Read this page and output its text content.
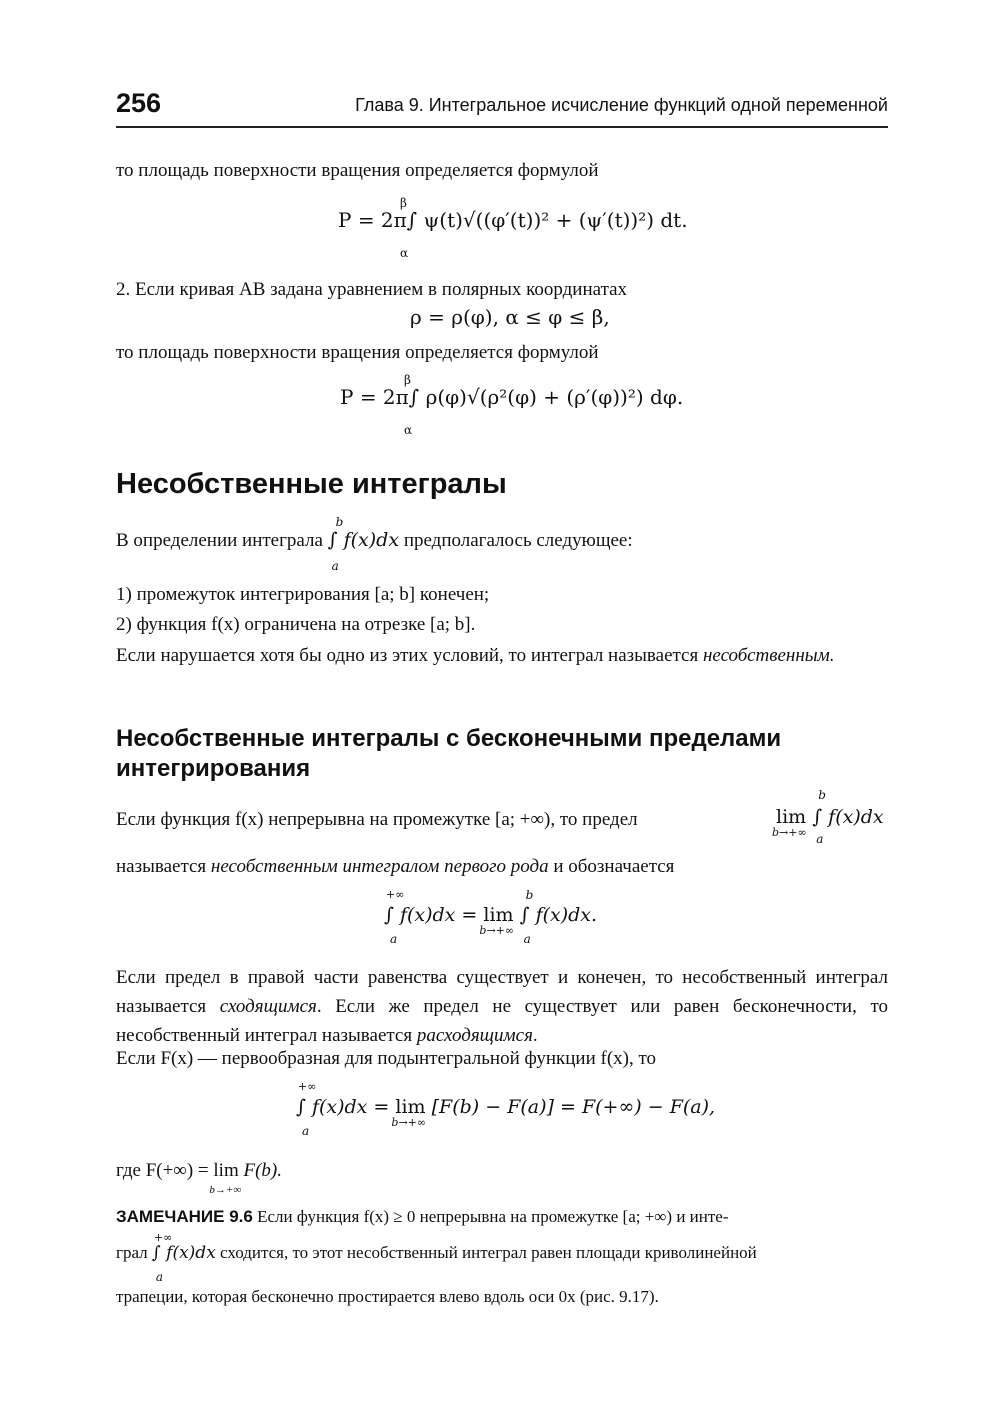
256	Глава 9. Интегральное исчисление функций одной переменной
то площадь поверхности вращения определяется формулой
β
α
P = 2π∫ ψ(t)√((φ′(t))² + (ψ′(t))²) dt.
2. Если кривая AB задана уравнением в полярных координатах
ρ = ρ(φ), α ≤ φ ≤ β,
то площадь поверхности вращения определяется формулой
β
α
P = 2π∫ ρ(φ)√(ρ²(φ) + (ρ′(φ))²) dφ.
Несобственные интегралы
В определении интеграла
b
a
∫ f(x)dx предполагалось следующее:
1) промежуток интегрирования [a; b] конечен;
2) функция f(x) ограничена на отрезке [a; b].
Если нарушается хотя бы одно из этих условий, то интеграл называется несобственным.
Несобственные интегралы с бесконечными пределами интегрирования
Если функция f(x) непрерывна на промежутке [a; +∞), то предел	lim
b→+∞

b
a
∫ f(x)dx
называется несобственным интегралом первого рода и обозначается
+∞
a
∫ f(x)dx = lim
b→+∞

b
a
∫ f(x)dx.
Если предел в правой части равенства существует и конечен, то несобственный интеграл называется сходящимся. Если же предел не существует или равен бесконечности, то несобственный интеграл называется расходящимся.
Если F(x) — первообразная для подынтегральной функции f(x), то
+∞
a
∫ f(x)dx = lim
b→+∞
[F(b) − F(a)] = F(+∞) − F(a),
где F(+∞) = lim
b→+∞
F(b).
ЗАМЕЧАНИЕ 9.6 Если функция f(x) ≥ 0 непрерывна на промежутке [a; +∞) и инте-
грал
+∞
a
∫ f(x)dx сходится, то этот несобственный интеграл равен площади криволинейной
трапеции, которая бесконечно простирается влево вдоль оси 0x (рис. 9.17).
